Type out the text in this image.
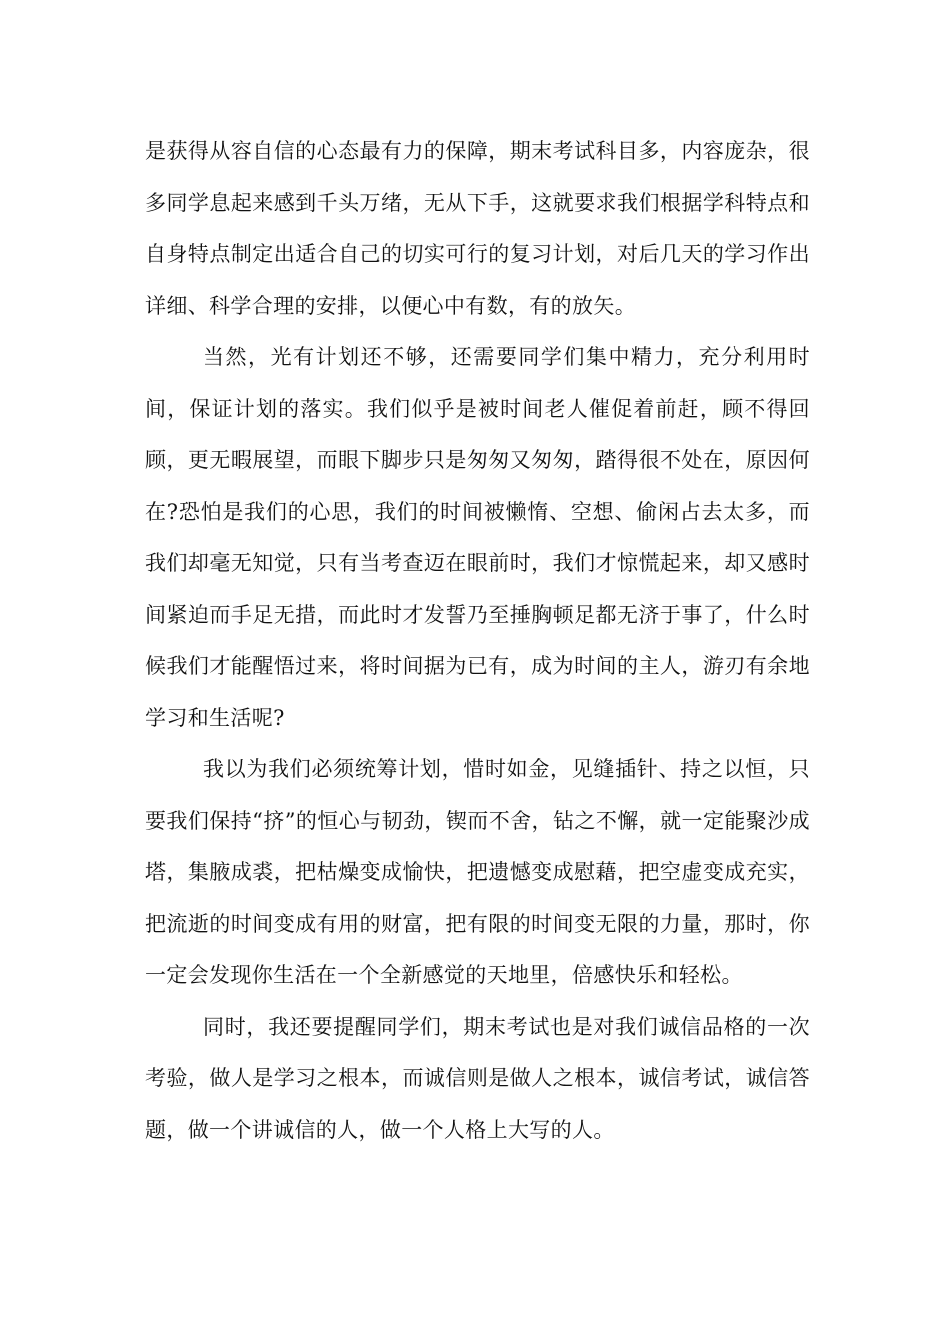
是获得从容自信的心态最有力的保障，期末考试科目多，内容庞杂，很多同学息起来感到千头万绪，无从下手，这就要求我们根据学科特点和自身特点制定出适合自己的切实可行的复习计划，对后几天的学习作出详细、科学合理的安排，以便心中有数，有的放矢。

当然，光有计划还不够，还需要同学们集中精力，充分利用时间，保证计划的落实。我们似乎是被时间老人催促着前赶，顾不得回顾，更无暇展望，而眼下脚步只是匆匆又匆匆，踏得很不处在，原因何在?恐怕是我们的心思，我们的时间被懒惰、空想、偷闲占去太多，而我们却毫无知觉，只有当考查迈在眼前时，我们才惊慌起来，却又感时间紧迫而手足无措，而此时才发誓乃至捶胸顿足都无济于事了，什么时候我们才能醒悟过来，将时间据为已有，成为时间的主人，游刃有余地学习和生活呢?

我以为我们必须统筹计划，惜时如金，见缝插针、持之以恒，只要我们保持“挤”的恒心与韧劲，锲而不舍，钻之不懈，就一定能聚沙成塔，集腋成裘，把枯燥变成愉快，把遗憾变成慰藉，把空虚变成充实，把流逝的时间变成有用的财富，把有限的时间变无限的力量，那时，你一定会发现你生活在一个全新感觉的天地里，倍感快乐和轻松。

同时，我还要提醒同学们，期末考试也是对我们诚信品格的一次考验，做人是学习之根本，而诚信则是做人之根本，诚信考试，诚信答题，做一个讲诚信的人，做一个人格上大写的人。
